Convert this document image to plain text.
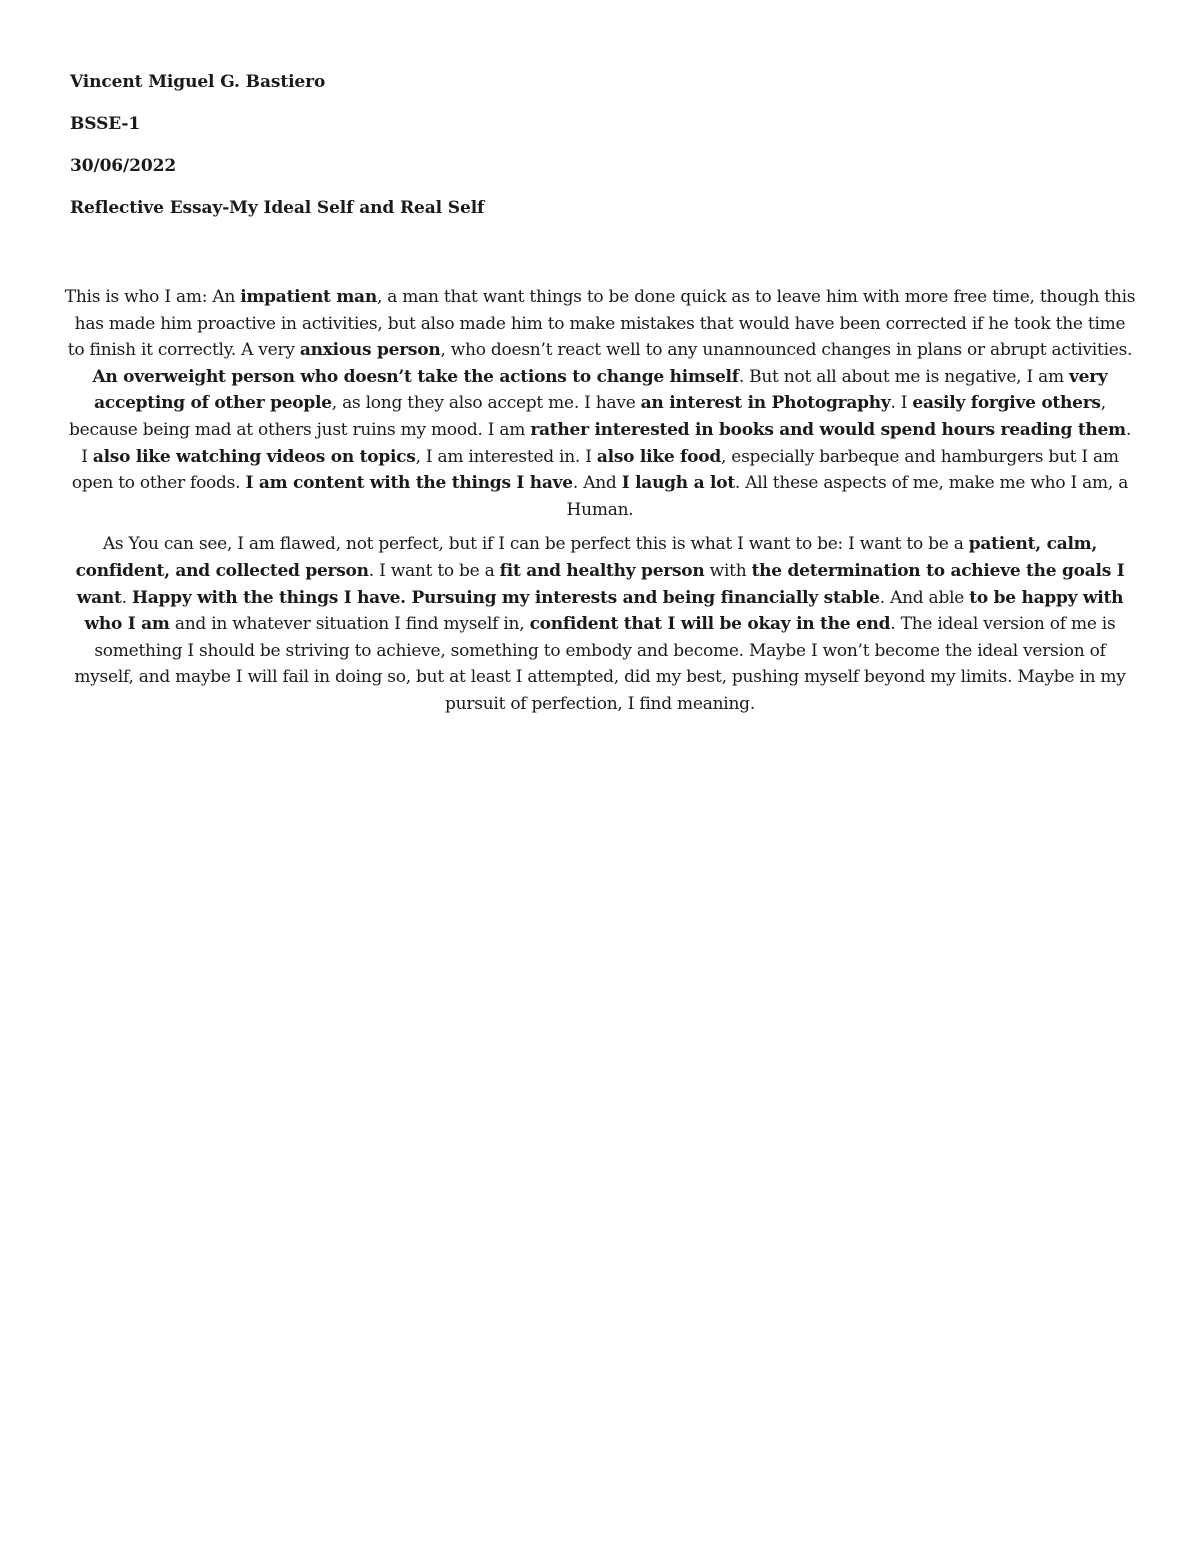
Vincent Miguel G. Bastiero
BSSE-1
30/06/2022
Reflective Essay-My Ideal Self and Real Self

This is who I am: An impatient man, a man that want things to be done quick as to leave him with more free time, though this has made him proactive in activities, but also made him to make mistakes that would have been corrected if he took the time to finish it correctly. A very anxious person, who doesn’t react well to any unannounced changes in plans or abrupt activities. An overweight person who doesn’t take the actions to change himself. But not all about me is negative, I am very accepting of other people, as long they also accept me. I have an interest in Photography. I easily forgive others, because being mad at others just ruins my mood. I am rather interested in books and would spend hours reading them. I also like watching videos on topics, I am interested in. I also like food, especially barbeque and hamburgers but I am open to other foods. I am content with the things I have. And I laugh a lot. All these aspects of me, make me who I am, a Human.

As You can see, I am flawed, not perfect, but if I can be perfect this is what I want to be: I want to be a patient, calm, confident, and collected person. I want to be a fit and healthy person with the determination to achieve the goals I want. Happy with the things I have. Pursuing my interests and being financially stable. And able to be happy with who I am and in whatever situation I find myself in, confident that I will be okay in the end. The ideal version of me is something I should be striving to achieve, something to embody and become. Maybe I won’t become the ideal version of myself, and maybe I will fail in doing so, but at least I attempted, did my best, pushing myself beyond my limits. Maybe in my pursuit of perfection, I find meaning.
